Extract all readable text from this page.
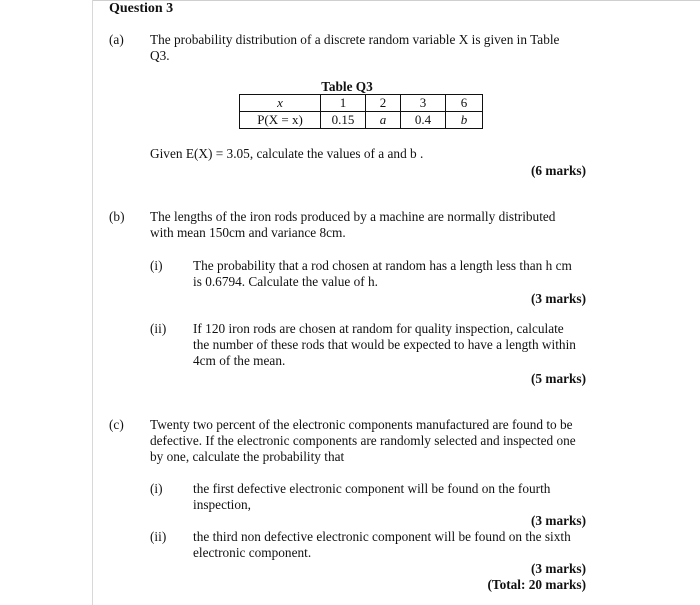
Question 3
(a) The probability distribution of a discrete random variable X is given in Table
Q3.
Table Q3
x	1	2	3	6
P(X = x)	0.15	a	0.4	b
Given E(X) = 3.05, calculate the values of a and b .
(6 marks)
(b) The lengths of the iron rods produced by a machine are normally distributed
with mean 150cm and variance 8cm.
(i) The probability that a rod chosen at random has a length less than h cm
is 0.6794. Calculate the value of h.
(3 marks)
(ii) If 120 iron rods are chosen at random for quality inspection, calculate
the number of these rods that would be expected to have a length within
4cm of the mean.
(5 marks)
(c) Twenty two percent of the electronic components manufactured are found to be
defective. If the electronic components are randomly selected and inspected one
by one, calculate the probability that
(i) the first defective electronic component will be found on the fourth
inspection,
(3 marks)
(ii) the third non defective electronic component will be found on the sixth
electronic component.
(3 marks)
(Total: 20 marks)
